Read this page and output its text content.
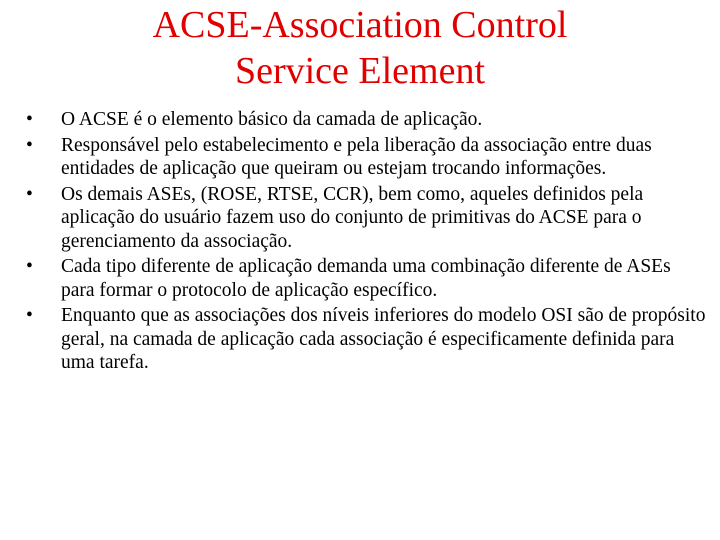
ACSE-Association Control
Service Element
•	O ACSE é o elemento básico da camada de aplicação.
•	Responsável pelo estabelecimento e pela liberação da associação entre duas entidades de aplicação que queiram ou estejam trocando informações.
•	Os demais ASEs, (ROSE, RTSE, CCR), bem como, aqueles definidos pela aplicação do usuário fazem uso do conjunto de primitivas do ACSE para o gerenciamento da associação.
•	Cada tipo diferente de aplicação demanda uma combinação diferente de ASEs para formar o protocolo de aplicação específico.
•	Enquanto que as associações dos níveis inferiores do modelo OSI são de propósito geral, na camada de aplicação cada associação é especificamente definida para uma tarefa.
